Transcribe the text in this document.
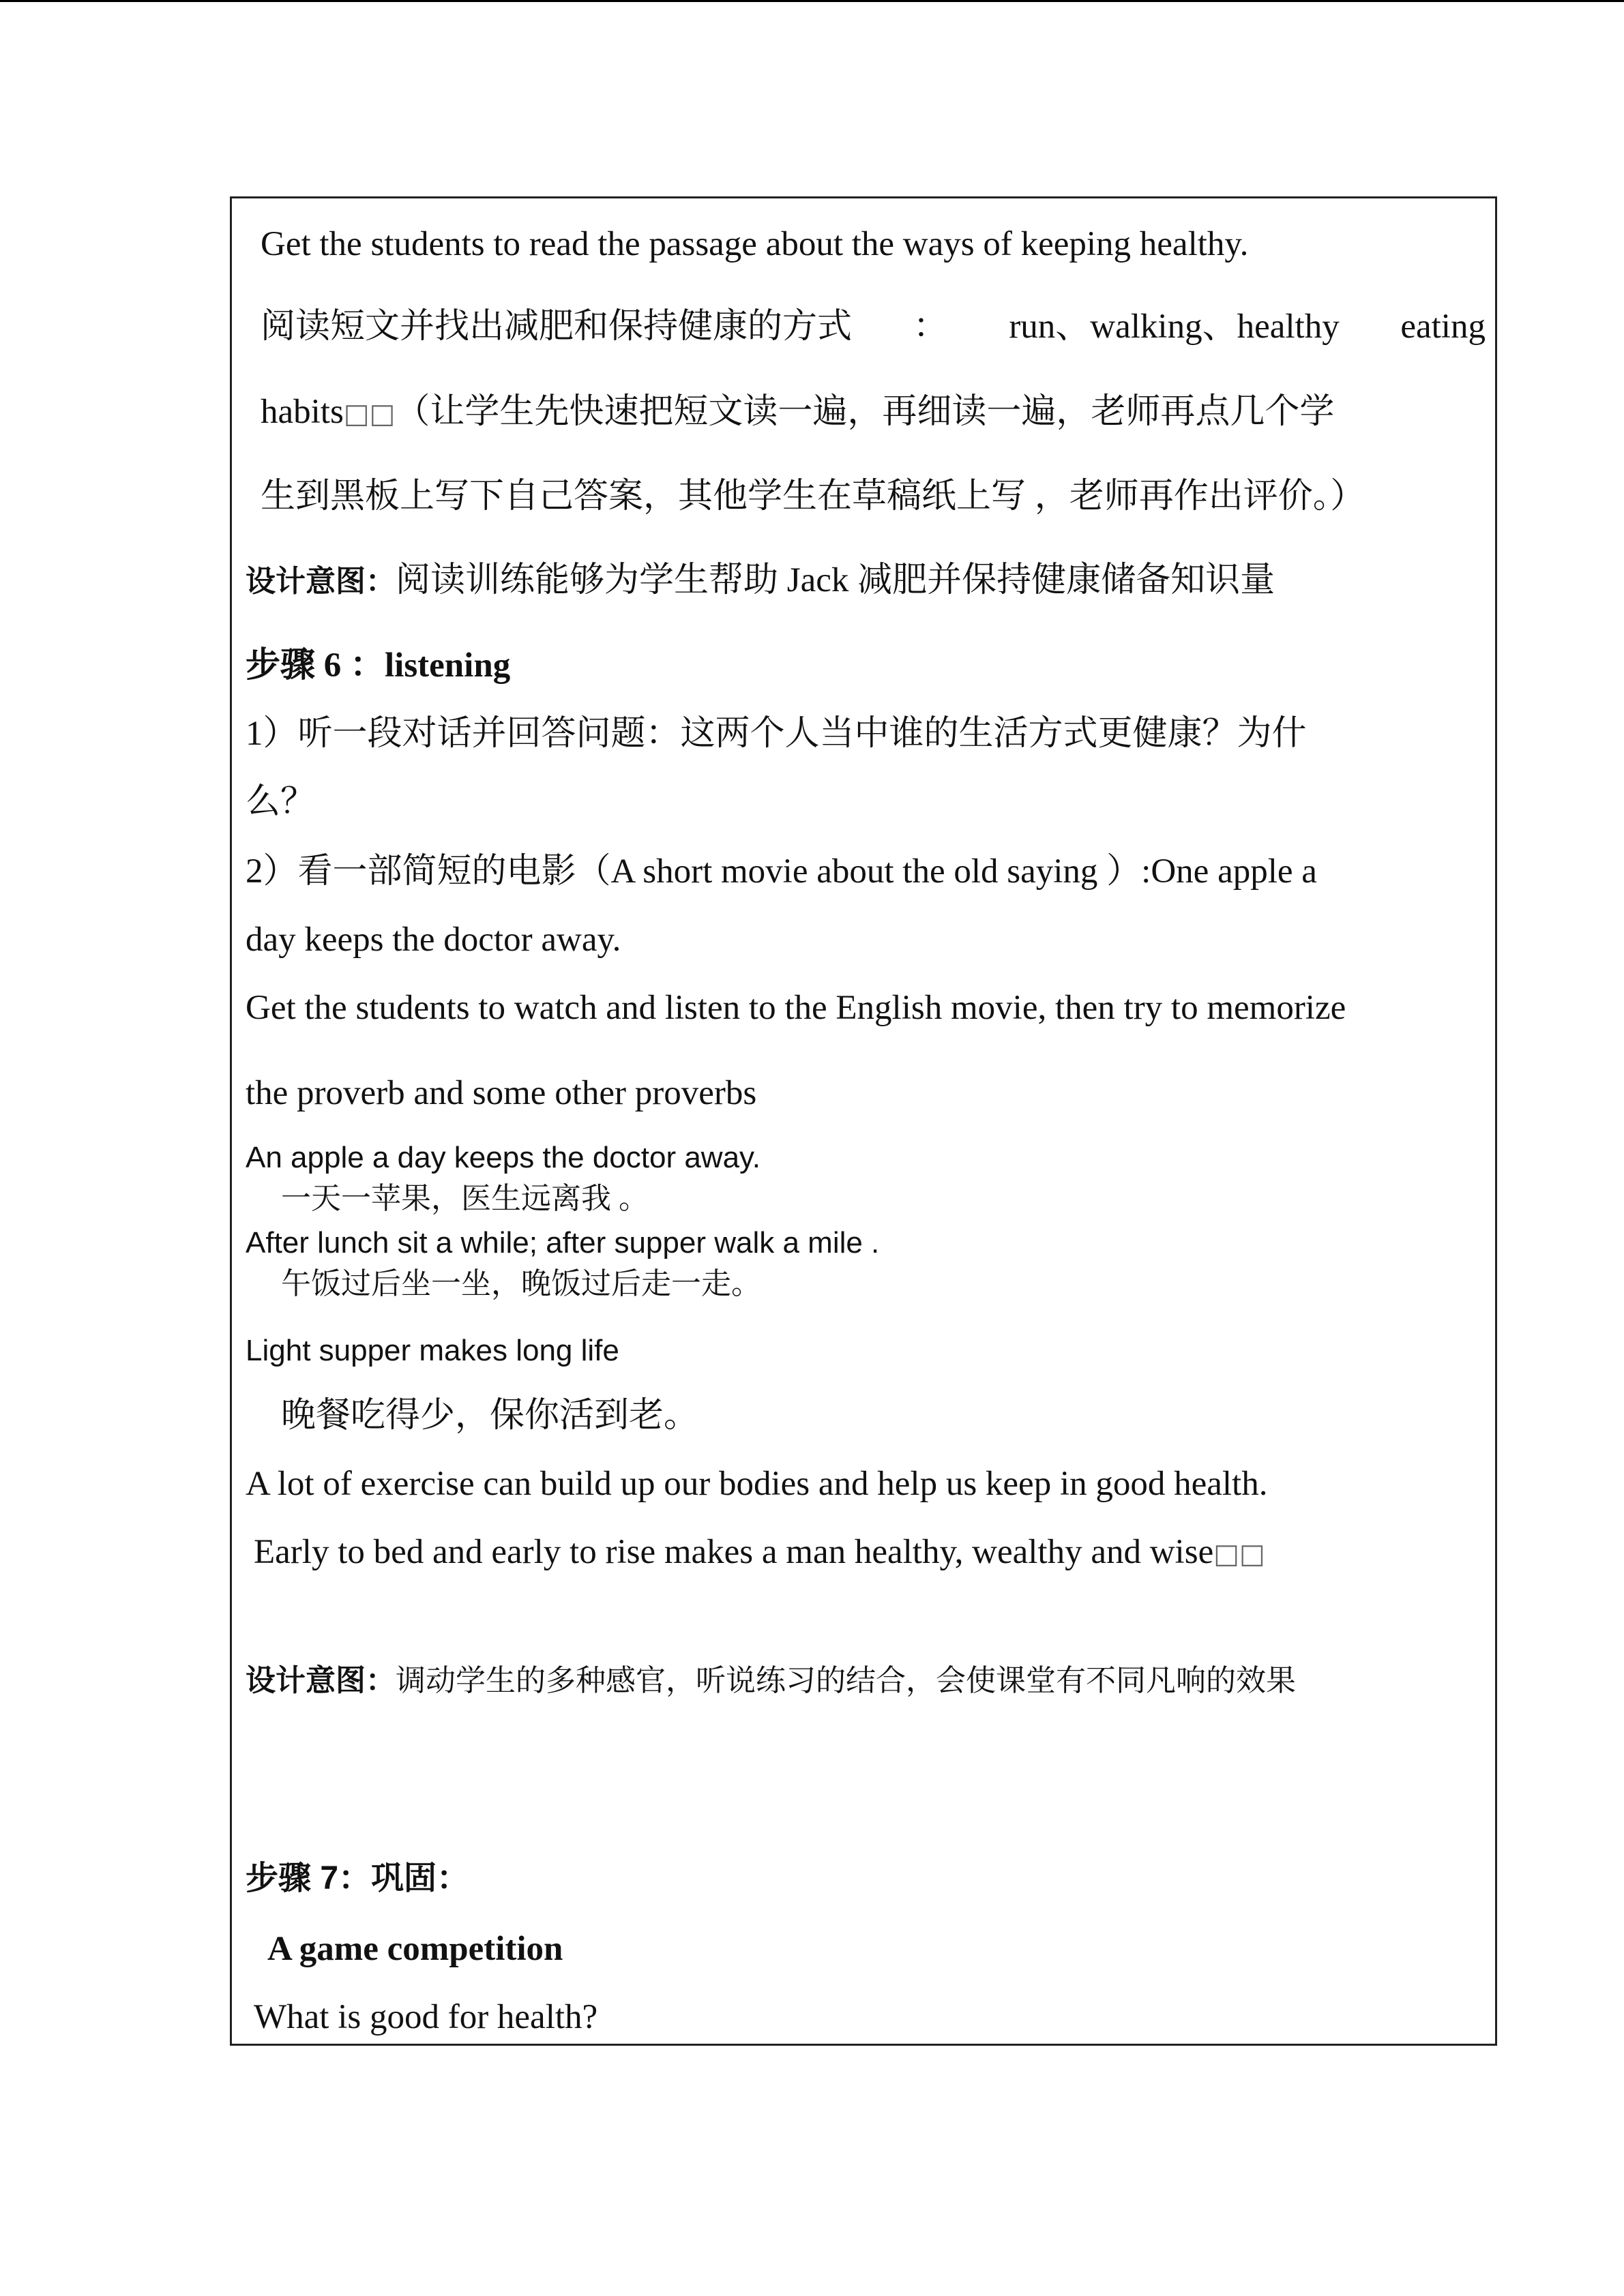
Get the students to read the passage about the ways of keeping healthy.
阅读短文并找出减肥和保持健康的方式 ： run、walking、healthy eating
habits□□（让学生先快速把短文读一遍，再细读一遍，老师再点几个学
生到黑板上写下自己答案，其他学生在草稿纸上写 ，老师再作出评价。）
设计意图：阅读训练能够为学生帮助 Jack 减肥并保持健康储备知识量
步骤 6 ：listening
1）听一段对话并回答问题：这两个人当中谁的生活方式更健康？为什
么？
2）看一部简短的电影（A short movie about the old saying ）:One apple a
day keeps the doctor away.
Get the students to watch and listen to the English movie, then try to memorize
the proverb and some other proverbs
An apple a day keeps the doctor away.
一天一苹果，医生远离我 。
After lunch sit a while; after supper walk a mile .
午饭过后坐一坐，晚饭过后走一走。
Light supper makes long life
晚餐吃得少，保你活到老。
A lot of exercise can build up our bodies and help us keep in good health.
Early to bed and early to rise makes a man healthy, wealthy and wise□□
设计意图：调动学生的多种感官，听说练习的结合，会使课堂有不同凡响的效果
步骤 7：巩固：
A game competition
What is good for health?
